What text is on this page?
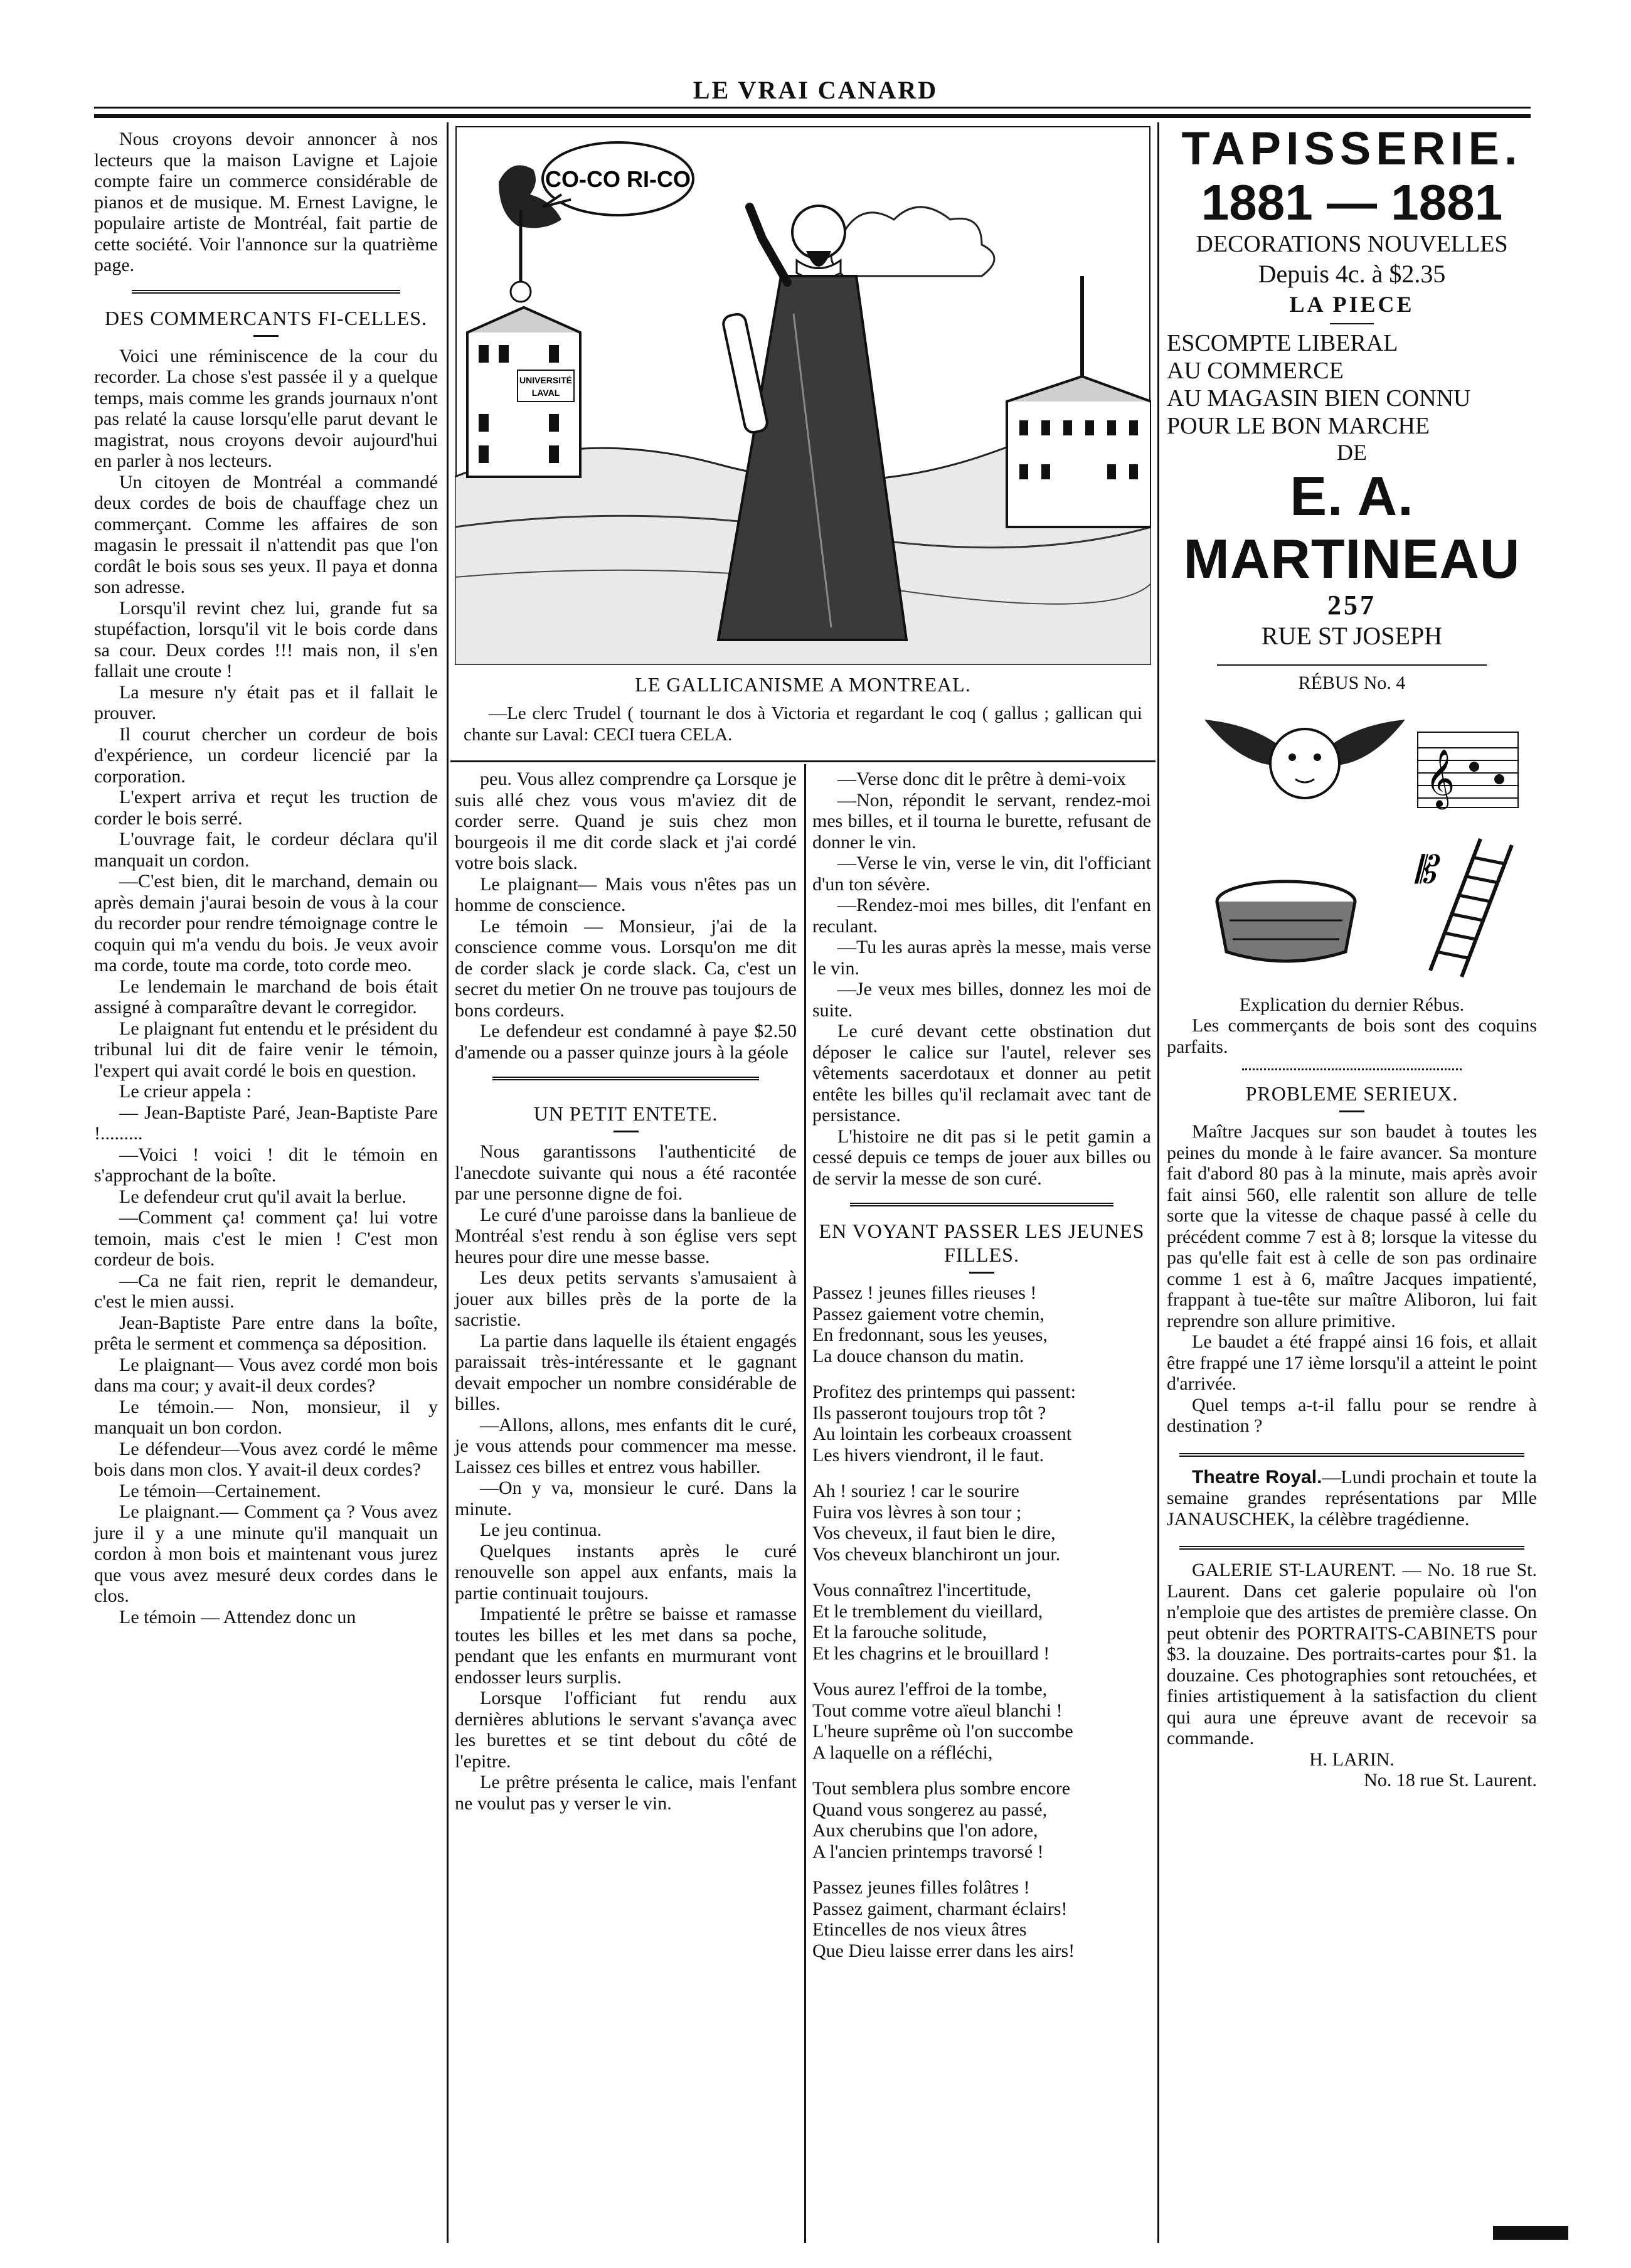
LE VRAI CANARD

Nous croyons devoir annoncer à nos lecteurs que la maison Lavigne et Lajoie compte faire un commerce considérable de pianos et de musique. M. Ernest Lavigne, le populaire artiste de Montréal, fait partie de cette société. Voir l'annonce sur la quatrième page.

DES COMMERCANTS FI-CELLES.

Voici une réminiscence de la cour du recorder. La chose s'est passée il y a quelque temps, mais comme les grands journaux n'ont pas relaté la cause lorsqu'elle parut devant le magistrat, nous croyons devoir aujourd'hui en parler à nos lecteurs.

Un citoyen de Montréal a commandé deux cordes de bois de chauffage chez un commerçant. Comme les affaires de son magasin le pressait il n'attendit pas que l'on cordât le bois sous ses yeux. Il paya et donna son adresse.

Lorsqu'il revint chez lui, grande fut sa stupéfaction, lorsqu'il vit le bois corde dans sa cour. Deux cordes !!! mais non, il s'en fallait une croute !

La mesure n'y était pas et il fallait le prouver.

Il courut chercher un cordeur de bois d'expérience, un cordeur licencié par la corporation.

L'expert arriva et reçut les truction de corder le bois serré.

L'ouvrage fait, le cordeur déclara qu'il manquait un cordon.

—C'est bien, dit le marchand, demain ou après demain j'aurai besoin de vous à la cour du recorder pour rendre témoignage contre le coquin qui m'a vendu du bois. Je veux avoir ma corde, toute ma corde, toto corde meo.

Le lendemain le marchand de bois était assigné à comparaître devant le corregidor.

Le plaignant fut entendu et le président du tribunal lui dit de faire venir le témoin, l'expert qui avait cordé le bois en question.

Le crieur appela :

— Jean-Baptiste Paré, Jean-Baptiste Pare !.........

—Voici ! voici ! dit le témoin en s'approchant de la boîte.

Le defendeur crut qu'il avait la berlue.

—Comment ça! comment ça! lui votre temoin, mais c'est le mien ! C'est mon cordeur de bois.

—Ca ne fait rien, reprit le demandeur, c'est le mien aussi.

Jean-Baptiste Pare entre dans la boîte, prêta le serment et commença sa déposition.

Le plaignant— Vous avez cordé mon bois dans ma cour; y avait-il deux cordes?

Le témoin.— Non, monsieur, il y manquait un bon cordon.

Le défendeur—Vous avez cordé le même bois dans mon clos. Y avait-il deux cordes?

Le témoin—Certainement.

Le plaignant.— Comment ça ? Vous avez jure il y a une minute qu'il manquait un cordon à mon bois et maintenant vous jurez que vous avez mesuré deux cordes dans le clos.

Le témoin — Attendez donc un

CO-CO RI-CO
UNIVERSITÉ
LAVAL
LE GALLICANISME A MONTREAL.
—Le clerc Trudel ( tournant le dos à Victoria et regardant le coq ( gallus ; gallican qui chante sur Laval: CECI tuera CELA.

peu. Vous allez comprendre ça Lorsque je suis allé chez vous vous m'aviez dit de corder serre. Quand je suis chez mon bourgeois il me dit corde slack et j'ai cordé votre bois slack.

Le plaignant— Mais vous n'êtes pas un homme de conscience.

Le témoin — Monsieur, j'ai de la conscience comme vous. Lorsqu'on me dit de corder slack je corde slack. Ca, c'est un secret du metier On ne trouve pas toujours de bons cordeurs.

Le defendeur est condamné à paye $2.50 d'amende ou a passer quinze jours à la géole

UN PETIT ENTETE.

Nous garantissons l'authenticité de l'anecdote suivante qui nous a été racontée par une personne digne de foi.

Le curé d'une paroisse dans la banlieue de Montréal s'est rendu à son église vers sept heures pour dire une messe basse.

Les deux petits servants s'amusaient à jouer aux billes près de la porte de la sacristie.

La partie dans laquelle ils étaient engagés paraissait très-intéressante et le gagnant devait empocher un nombre considérable de billes.

—Allons, allons, mes enfants dit le curé, je vous attends pour commencer ma messe. Laissez ces billes et entrez vous habiller.

—On y va, monsieur le curé. Dans la minute.

Le jeu continua.

Quelques instants après le curé renouvelle son appel aux enfants, mais la partie continuait toujours.

Impatienté le prêtre se baisse et ramasse toutes les billes et les met dans sa poche, pendant que les enfants en murmurant vont endosser leurs surplis.

Lorsque l'officiant fut rendu aux dernières ablutions le servant s'avança avec les burettes et se tint debout du côté de l'epitre.

Le prêtre présenta le calice, mais l'enfant ne voulut pas y verser le vin.

—Verse donc dit le prêtre à demi-voix

—Non, répondit le servant, rendez-moi mes billes, et il tourna le burette, refusant de donner le vin.

—Verse le vin, verse le vin, dit l'officiant d'un ton sévère.

—Rendez-moi mes billes, dit l'enfant en reculant.

—Tu les auras après la messe, mais verse le vin.

—Je veux mes billes, donnez les moi de suite.

Le curé devant cette obstination dut déposer le calice sur l'autel, relever ses vêtements sacerdotaux et donner au petit entête les billes qu'il reclamait avec tant de persistance.

L'histoire ne dit pas si le petit gamin a cessé depuis ce temps de jouer aux billes ou de servir la messe de son curé.

EN VOYANT PASSER LES JEUNES FILLES.

Passez ! jeunes filles rieuses !

Passez gaiement votre chemin,

En fredonnant, sous les yeuses,

La douce chanson du matin.

Profitez des printemps qui passent:

Ils passeront toujours trop tôt ?

Au lointain les corbeaux croassent

Les hivers viendront, il le faut.

Ah ! souriez ! car le sourire

Fuira vos lèvres à son tour ;

Vos cheveux, il faut bien le dire,

Vos cheveux blanchiront un jour.

Vous connaîtrez l'incertitude,

Et le tremblement du vieillard,

Et la farouche solitude,

Et les chagrins et le brouillard !

Vous aurez l'effroi de la tombe,

Tout comme votre aïeul blanchi !

L'heure suprême où l'on succombe

A laquelle on a réfléchi,

Tout semblera plus sombre encore

Quand vous songerez au passé,

Aux cherubins que l'on adore,

A l'ancien printemps travorsé !

Passez jeunes filles folâtres !

Passez gaiment, charmant éclairs!

Etincelles de nos vieux âtres

Que Dieu laisse errer dans les airs!

TAPISSERIE.
1881 — 1881
DECORATIONS NOUVELLES
Depuis 4c. à $2.35
LA PIECE
ESCOMPTE LIBERAL
AU COMMERCE
AU MAGASIN BIEN CONNU
POUR LE BON MARCHE
DE
E. A. MARTINEAU
257
RUE ST JOSEPH
RÉBUS No. 4
𝄞
𝄡

Explication du dernier Rébus.

Les commerçants de bois sont des coquins parfaits.

PROBLEME SERIEUX.

Maître Jacques sur son baudet à toutes les peines du monde à le faire avancer. Sa monture fait d'abord 80 pas à la minute, mais après avoir fait ainsi 560, elle ralentit son allure de telle sorte que la vitesse de chaque passé à celle du précédent comme 7 est à 8; lorsque la vitesse du pas qu'elle fait est à celle de son pas ordinaire comme 1 est à 6, maître Jacques impatienté, frappant à tue-tête sur maître Aliboron, lui fait reprendre son allure primitive.

Le baudet a été frappé ainsi 16 fois, et allait être frappé une 17 ième lorsqu'il a atteint le point d'arrivée.

Quel temps a-t-il fallu pour se rendre à destination ?

Theatre Royal.—Lundi prochain et toute la semaine grandes représentations par Mlle JANAUSCHEK, la célèbre tragédienne.

GALERIE ST-LAURENT. — No. 18 rue St. Laurent. Dans cet galerie populaire où l'on n'emploie que des artistes de première classe. On peut obtenir des PORTRAITS-CABINETS pour $3. la douzaine. Des portraits-cartes pour $1. la douzaine. Ces photographies sont retouchées, et finies artistiquement à la satisfaction du client qui aura une épreuve avant de recevoir sa commande.

H. LARIN.

No. 18 rue St. Laurent.
